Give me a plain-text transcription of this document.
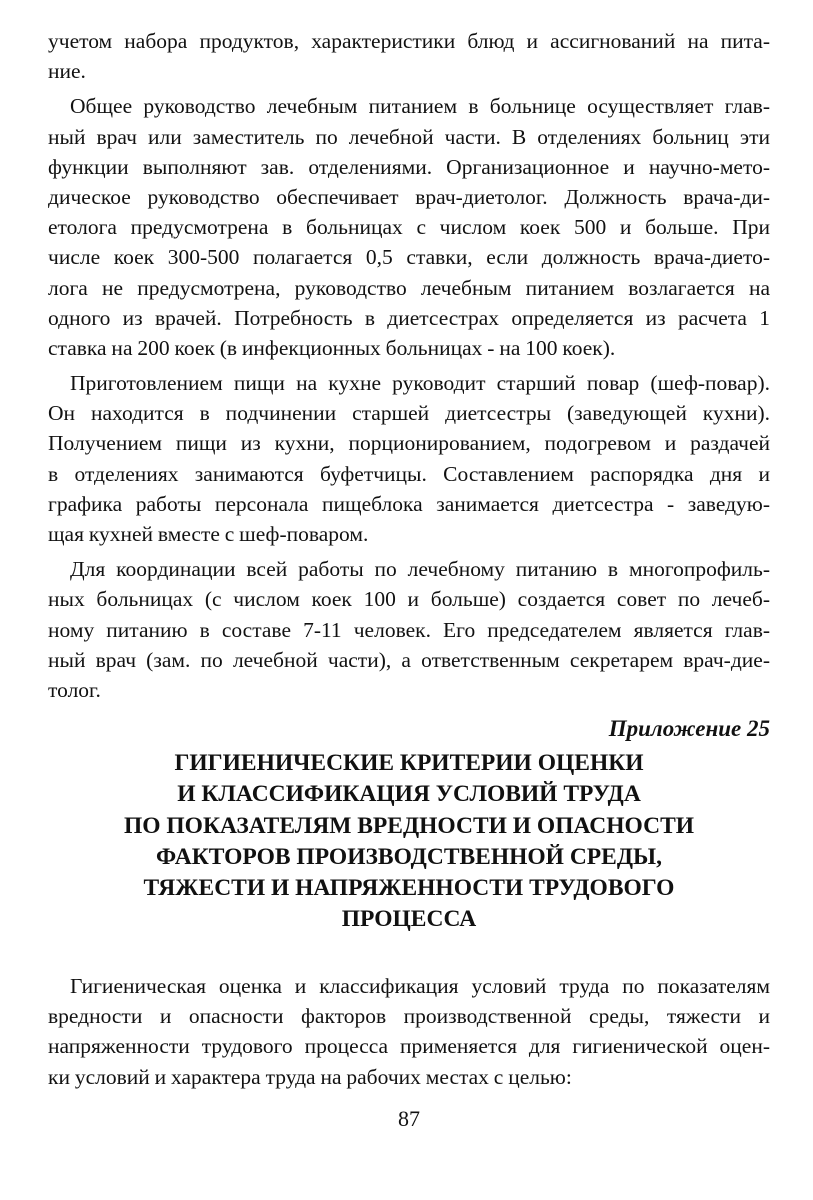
учетом набора продуктов, характеристики блюд и ассигнований на пита-
ние.
Общее руководство лечебным питанием в больнице осуществляет глав-
ный врач или заместитель по лечебной части. В отделениях больниц эти
функции выполняют зав. отделениями. Организационное и научно-мето-
дическое руководство обеспечивает врач-диетолог. Должность врача-ди-
етолога предусмотрена в больницах с числом коек 500 и больше. При
числе коек 300-500 полагается 0,5 ставки, если должность врача-дието-
лога не предусмотрена, руководство лечебным питанием возлагается на
одного из врачей. Потребность в диетсестрах определяется из расчета 1
ставка на 200 коек (в инфекционных больницах - на 100 коек).
Приготовлением пищи на кухне руководит старший повар (шеф-повар).
Он находится в подчинении старшей диетсестры (заведующей кухни).
Получением пищи из кухни, порционированием, подогревом и раздачей
в отделениях занимаются буфетчицы. Составлением распорядка дня и
графика работы персонала пищеблока занимается диетсестра - заведую-
щая кухней вместе с шеф-поваром.
Для координации всей работы по лечебному питанию в многопрофиль-
ных больницах (с числом коек 100 и больше) создается совет по лечеб-
ному питанию в составе 7-11 человек. Его председателем является глав-
ный врач (зам. по лечебной части), а ответственным секретарем врач-дие-
толог.
Приложение 25
ГИГИЕНИЧЕСКИЕ КРИТЕРИИ ОЦЕНКИ
И КЛАССИФИКАЦИЯ УСЛОВИЙ ТРУДА
ПО ПОКАЗАТЕЛЯМ ВРЕДНОСТИ И ОПАСНОСТИ
ФАКТОРОВ ПРОИЗВОДСТВЕННОЙ СРЕДЫ,
ТЯЖЕСТИ И НАПРЯЖЕННОСТИ ТРУДОВОГО
ПРОЦЕССА
Гигиеническая оценка и классификация условий труда по показателям
вредности и опасности факторов производственной среды, тяжести и
напряженности трудового процесса применяется для гигиенической оцен-
ки условий и характера труда на рабочих местах с целью:
87
